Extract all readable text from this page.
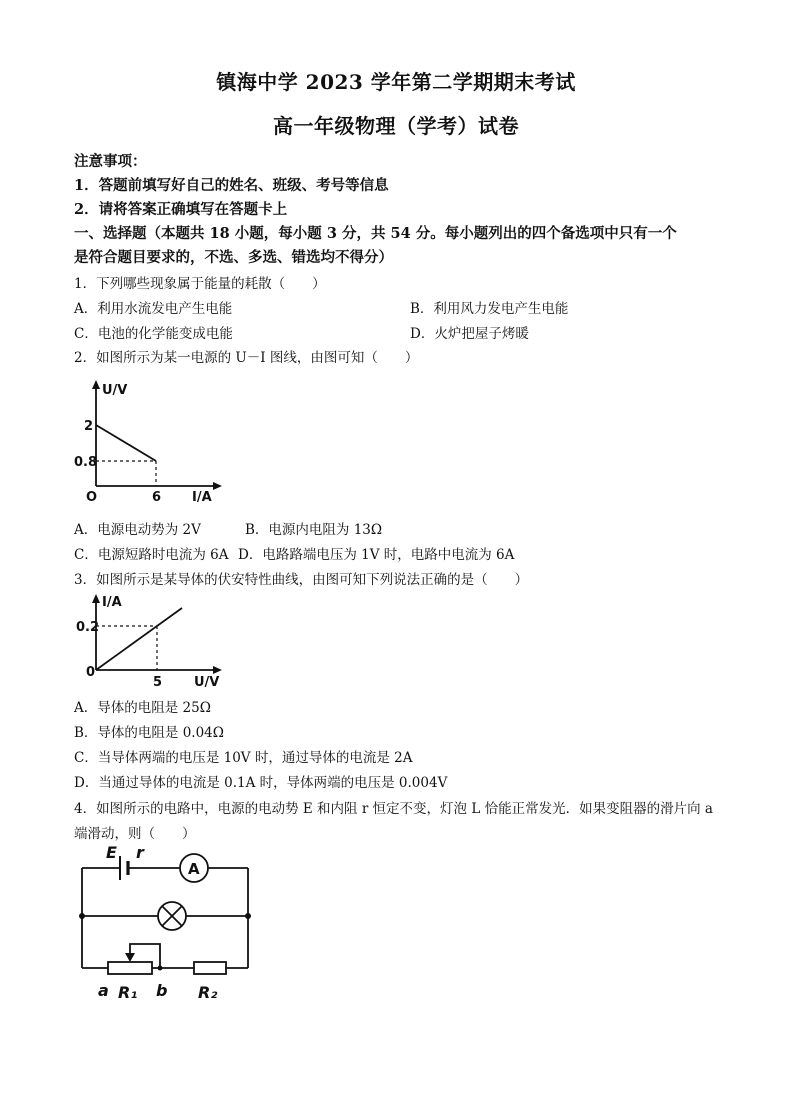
镇海中学 2023 学年第二学期期末考试
高一年级物理（学考）试卷
注意事项：
1．答题前填写好自己的姓名、班级、考号等信息
2．请将答案正确填写在答题卡上
一、选择题（本题共 18 小题，每小题 3 分，共 54 分。每小题列出的四个备选项中只有一个
是符合题目要求的，不选、多选、错选均不得分）
1．下列哪些现象属于能量的耗散（　　）
A．利用水流发电产生电能	B．利用风力发电产生电能
C．电池的化学能变成电能	D．火炉把屋子烤暖
2．如图所示为某一电源的 U－I 图线，由图可知（　　）
U/V
I/A
O
2
0.8
6
A．电源电动势为 2V	B．电源内电阻为 13Ω
C．电源短路时电流为 6A D．电路路端电压为 1V 时，电路中电流为 6A
3．如图所示是某导体的伏安特性曲线，由图可知下列说法正确的是（　　）
I/A
U/V
0
0.2
5
A．导体的电阻是 25Ω
B．导体的电阻是 0.04Ω
C．当导体两端的电压是 10V 时，通过导体的电流是 2A
D．当通过导体的电流是 0.1A 时，导体两端的电压是 0.004V
4．如图所示的电路中，电源的电动势 E 和内阻 r 恒定不变，灯泡 L 恰能正常发光．如果变阻器的滑片向 a
端滑动，则（　　）
A
E r
a R₁ b R₂
